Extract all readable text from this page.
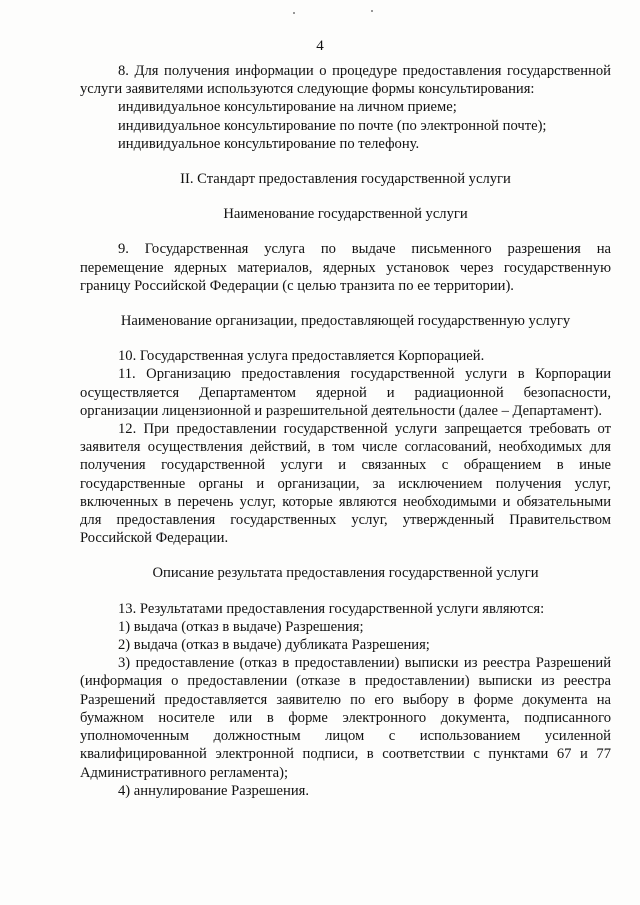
4

8. Для получения информации о процедуре предоставления государственной услуги заявителями используются следующие формы консультирования:

индивидуальное консультирование на личном приеме;

индивидуальное консультирование по почте (по электронной почте);

индивидуальное консультирование по телефону.

II. Стандарт предоставления государственной услуги

Наименование государственной услуги

9. Государственная услуга по выдаче письменного разрешения на перемещение ядерных материалов, ядерных установок через государственную границу Российской Федерации (с целью транзита по ее территории).

Наименование организации, предоставляющей государственную услугу

10. Государственная услуга предоставляется Корпорацией.

11. Организацию предоставления государственной услуги в Корпорации осуществляется Департаментом ядерной и радиационной безопасности, организации лицензионной и разрешительной деятельности (далее – Департамент).

12. При предоставлении государственной услуги запрещается требовать от заявителя осуществления действий, в том числе согласований, необходимых для получения государственной услуги и связанных с обращением в иные государственные органы и организации, за исключением получения услуг, включенных в перечень услуг, которые являются необходимыми и обязательными для предоставления государственных услуг, утвержденный Правительством Российской Федерации.

Описание результата предоставления государственной услуги

13. Результатами предоставления государственной услуги являются:

1) выдача (отказ в выдаче) Разрешения;

2) выдача (отказ в выдаче) дубликата Разрешения;

3) предоставление (отказ в предоставлении) выписки из реестра Разрешений (информация о предоставлении (отказе в предоставлении) выписки из реестра Разрешений предоставляется заявителю по его выбору в форме документа на бумажном носителе или в форме электронного документа, подписанного уполномоченным должностным лицом с использованием усиленной квалифицированной электронной подписи, в соответствии с пунктами 67 и 77 Административного регламента);

4) аннулирование Разрешения.
